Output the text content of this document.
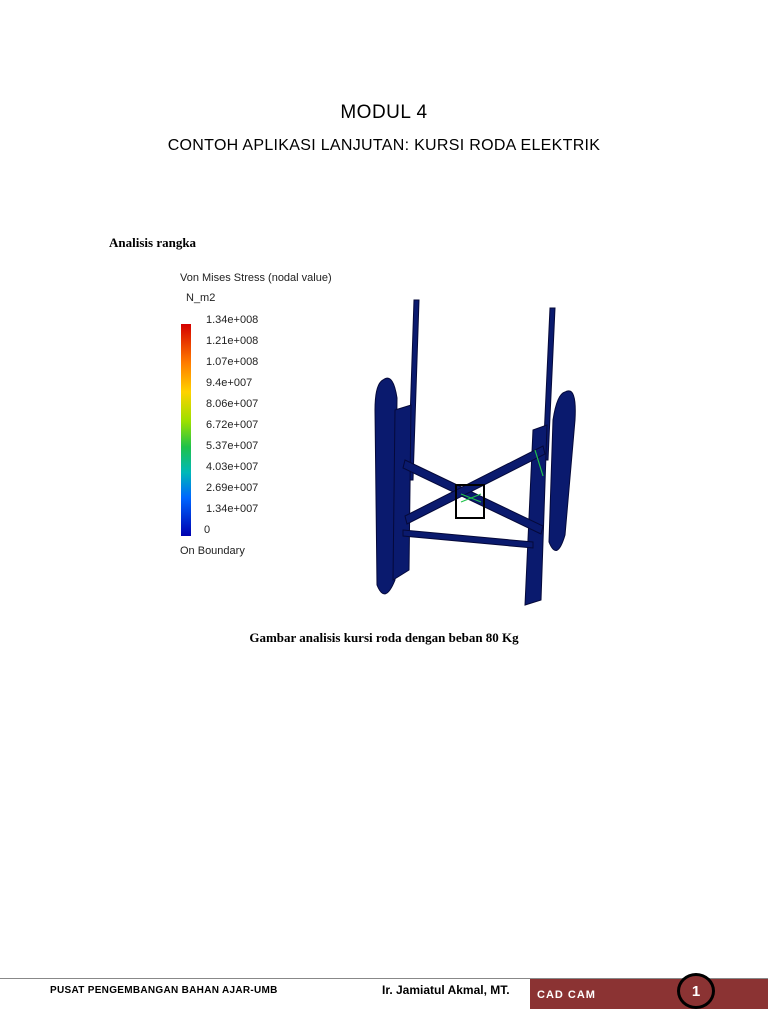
MODUL 4
CONTOH APLIKASI LANJUTAN: KURSI RODA ELEKTRIK
Analisis rangka
Von Mises Stress (nodal value)
N_m2
1.34e+008
1.21e+008
1.07e+008
9.4e+007
8.06e+007
6.72e+007
5.37e+007
4.03e+007
2.69e+007
1.34e+007
0
On Boundary
Gambar analisis kursi roda dengan beban 80 Kg
PUSAT PENGEMBANGAN BAHAN AJAR-UMB	Ir. Jamiatul Akmal, MT. CAD CAM	1
